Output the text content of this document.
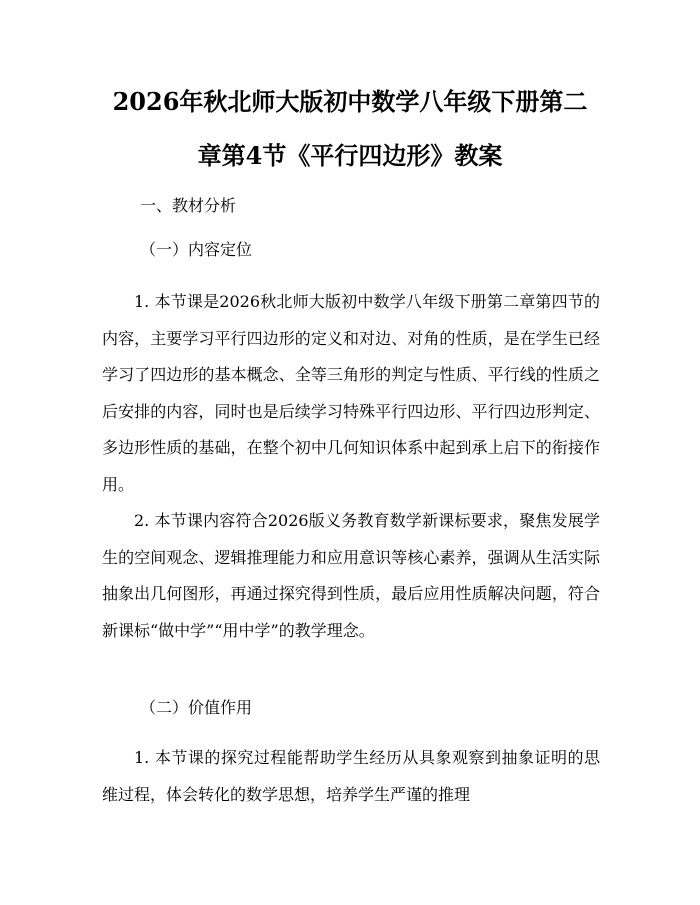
2026年秋北师大版初中数学八年级下册第二
章第4节《平行四边形》教案
一、教材分析
（一）内容定位

1. 本节课是2026秋北师大版初中数学八年级下册第二章第四节的内容，主要学习平行四边形的定义和对边、对角的性质，是在学生已经学习了四边形的基本概念、全等三角形的判定与性质、平行线的性质之后安排的内容，同时也是后续学习特殊平行四边形、平行四边形判定、多边形性质的基础，在整个初中几何知识体系中起到承上启下的衔接作用。

2. 本节课内容符合2026版义务教育数学新课标要求，聚焦发展学生的空间观念、逻辑推理能力和应用意识等核心素养，强调从生活实际抽象出几何图形，再通过探究得到性质，最后应用性质解决问题，符合新课标“做中学”“用中学”的教学理念。

（二）价值作用

1. 本节课的探究过程能帮助学生经历从具象观察到抽象证明的思维过程，体会转化的数学思想，培养学生严谨的推理
